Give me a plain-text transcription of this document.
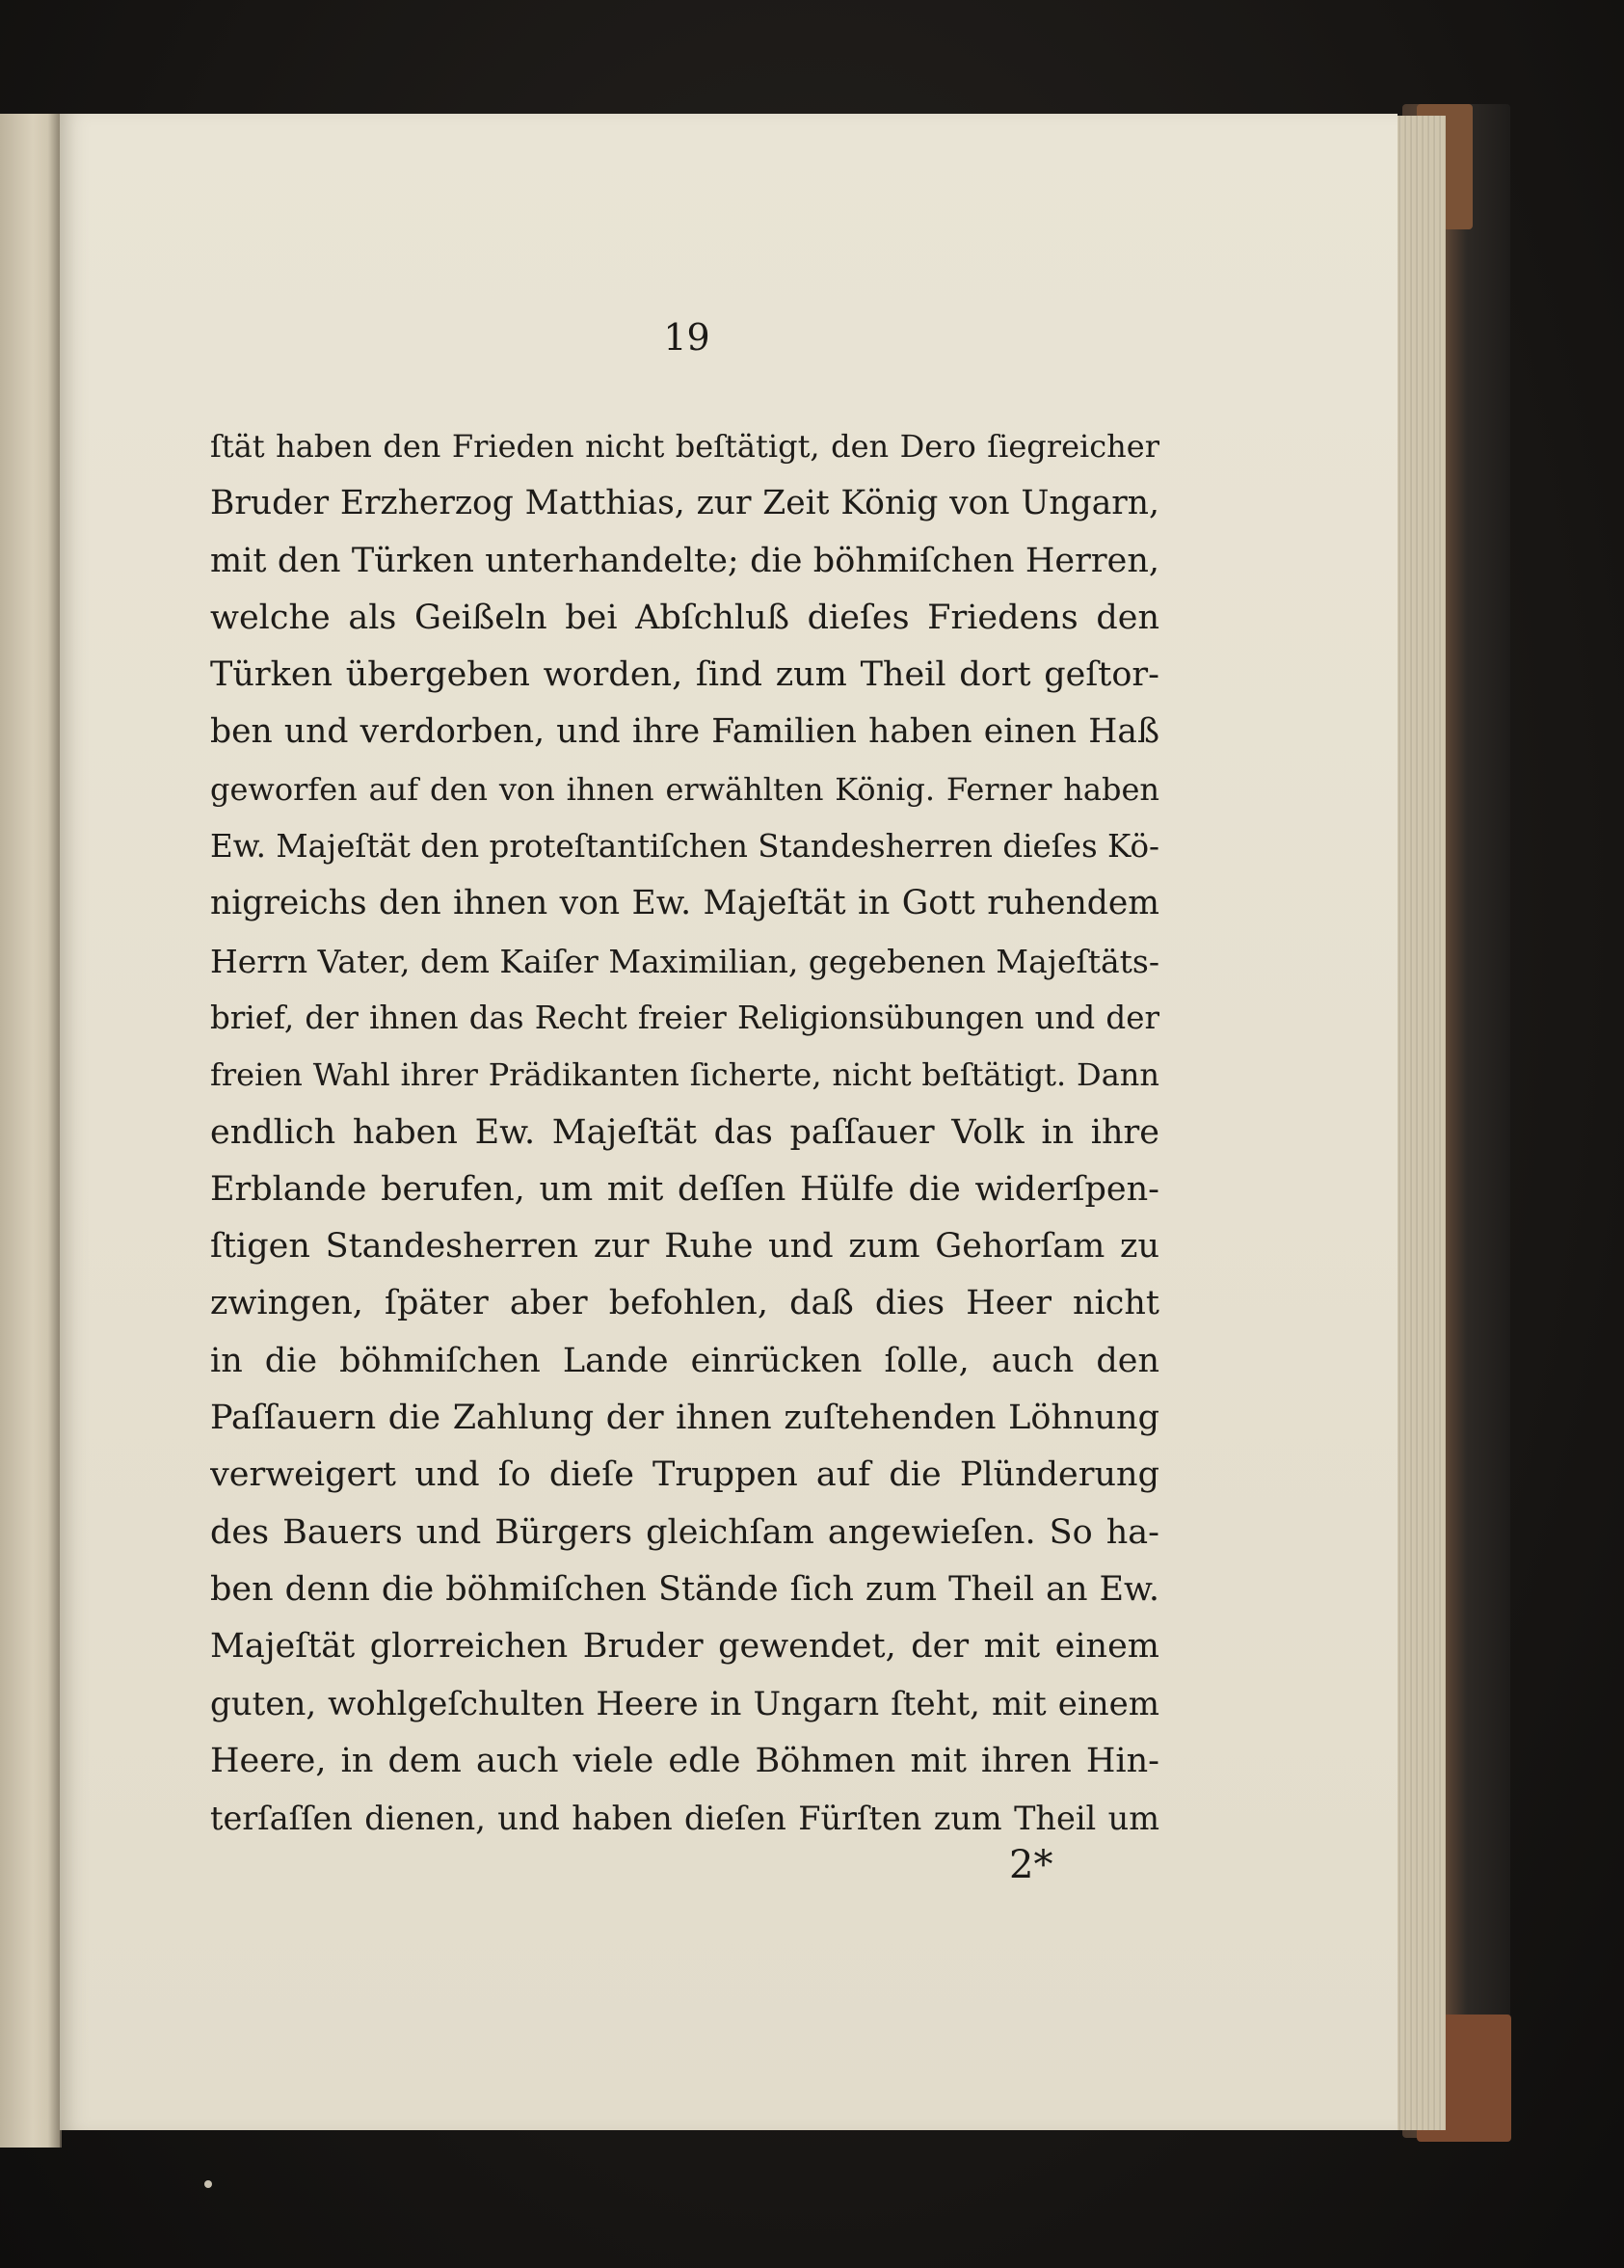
19
ſtät haben den Frieden nicht beſtätigt, den Dero ſiegreicher
Bruder Erzherzog Matthias, zur Zeit König von Ungarn,
mit den Türken unterhandelte; die böhmiſchen Herren,
welche als Geißeln bei Abſchluß dieſes Friedens den
Türken übergeben worden, ſind zum Theil dort geſtor-
ben und verdorben, und ihre Familien haben einen Haß
geworfen auf den von ihnen erwählten König. Ferner haben
Ew. Majeſtät den proteſtantiſchen Standesherren dieſes Kö-
nigreichs den ihnen von Ew. Majeſtät in Gott ruhendem
Herrn Vater, dem Kaiſer Maximilian, gegebenen Majeſtäts-
brief, der ihnen das Recht freier Religionsübungen und der
freien Wahl ihrer Prädikanten ſicherte, nicht beſtätigt. Dann
endlich haben Ew. Majeſtät das paſſauer Volk in ihre
Erblande berufen, um mit deſſen Hülfe die widerſpen-
ſtigen Standesherren zur Ruhe und zum Gehorſam zu
zwingen, ſpäter aber befohlen, daß dies Heer nicht
in die böhmiſchen Lande einrücken ſolle, auch den
Paſſauern die Zahlung der ihnen zuſtehenden Löhnung
verweigert und ſo dieſe Truppen auf die Plünderung
des Bauers und Bürgers gleichſam angewieſen. So ha-
ben denn die böhmiſchen Stände ſich zum Theil an Ew.
Majeſtät glorreichen Bruder gewendet, der mit einem
guten, wohlgeſchulten Heere in Ungarn ſteht, mit einem
Heere, in dem auch viele edle Böhmen mit ihren Hin-
terſaſſen dienen, und haben dieſen Fürſten zum Theil um
2*
